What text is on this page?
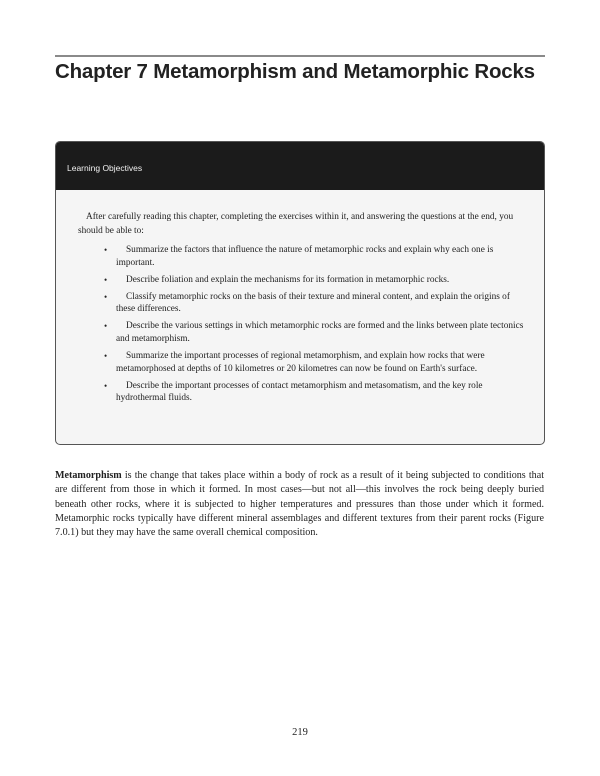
Chapter 7 Metamorphism and Metamorphic Rocks
Learning Objectives

After carefully reading this chapter, completing the exercises within it, and answering the questions at the end, you should be able to:

•	Summarize the factors that influence the nature of metamorphic rocks and explain why each one is important.
•	Describe foliation and explain the mechanisms for its formation in metamorphic rocks.
•	Classify metamorphic rocks on the basis of their texture and mineral content, and explain the origins of these differences.
•	Describe the various settings in which metamorphic rocks are formed and the links between plate tectonics and metamorphism.
•	Summarize the important processes of regional metamorphism, and explain how rocks that were metamorphosed at depths of 10 kilometres or 20 kilometres can now be found on Earth's surface.
•	Describe the important processes of contact metamorphism and metasomatism, and the key role hydrothermal fluids.

Metamorphism is the change that takes place within a body of rock as a result of it being subjected to conditions that are different from those in which it formed. In most cases—but not all—this involves the rock being deeply buried beneath other rocks, where it is subjected to higher temperatures and pressures than those under which it formed. Metamorphic rocks typically have different mineral assemblages and different textures from their parent rocks (Figure 7.0.1) but they may have the same overall chemical composition.

219
